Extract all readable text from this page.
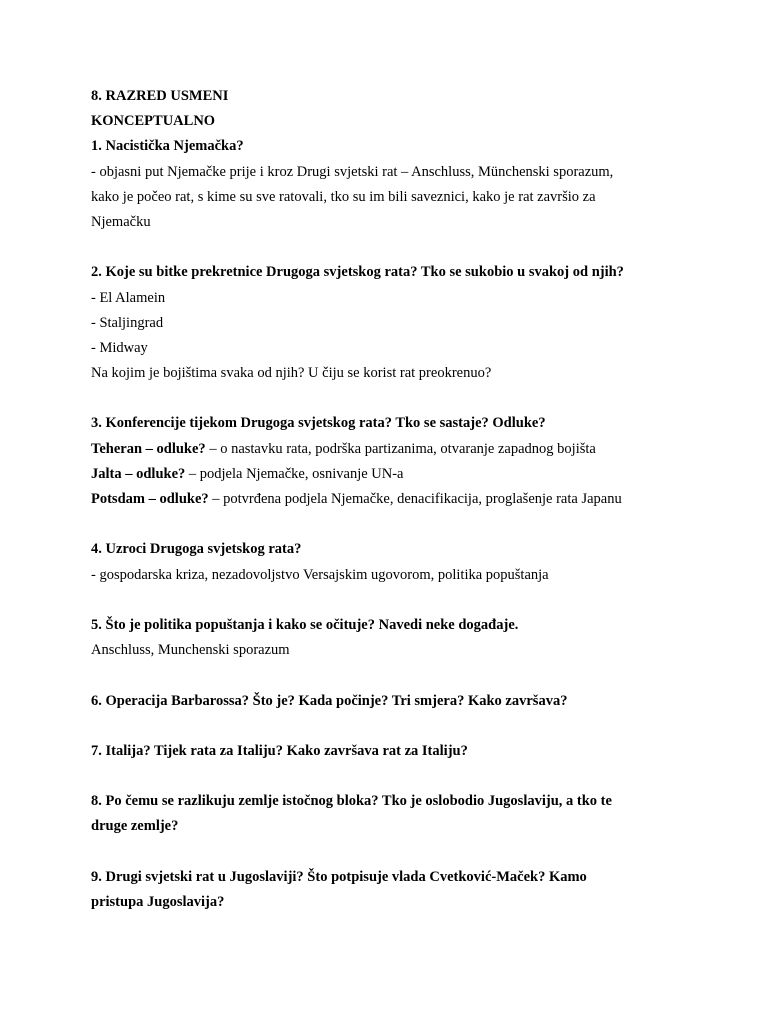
8. RAZRED USMENI
KONCEPTUALNO
1. Nacistička Njemačka?
- objasni put Njemačke prije i kroz Drugi svjetski rat – Anschluss, Münchenski sporazum,
kako je počeo rat, s kime su sve ratovali, tko su im bili saveznici, kako je rat završio za
Njemačku
2. Koje su bitke prekretnice Drugoga svjetskog rata? Tko se sukobio u svakoj od njih?
- El Alamein
- Staljingrad
- Midway
Na kojim je bojištima svaka od njih? U čiju se korist rat preokrenuo?
3. Konferencije tijekom Drugoga svjetskog rata? Tko se sastaje? Odluke?
Teheran – odluke? – o nastavku rata, podrška partizanima, otvaranje zapadnog bojišta
Jalta – odluke? – podjela Njemačke, osnivanje UN-a
Potsdam – odluke? – potvrđena podjela Njemačke, denacifikacija, proglašenje rata Japanu
4. Uzroci Drugoga svjetskog rata?
- gospodarska kriza, nezadovoljstvo Versajskim ugovorom, politika popuštanja
5. Što je politika popuštanja i kako se očituje? Navedi neke događaje.
Anschluss, Munchenski sporazum
6. Operacija Barbarossa? Što je? Kada počinje? Tri smjera? Kako završava?
7. Italija? Tijek rata za Italiju? Kako završava rat za Italiju?
8. Po čemu se razlikuju zemlje istočnog bloka? Tko je oslobodio Jugoslaviju, a tko te
druge zemlje?
9. Drugi svjetski rat u Jugoslaviji? Što potpisuje vlada Cvetković-Maček? Kamo
pristupa Jugoslavija?
